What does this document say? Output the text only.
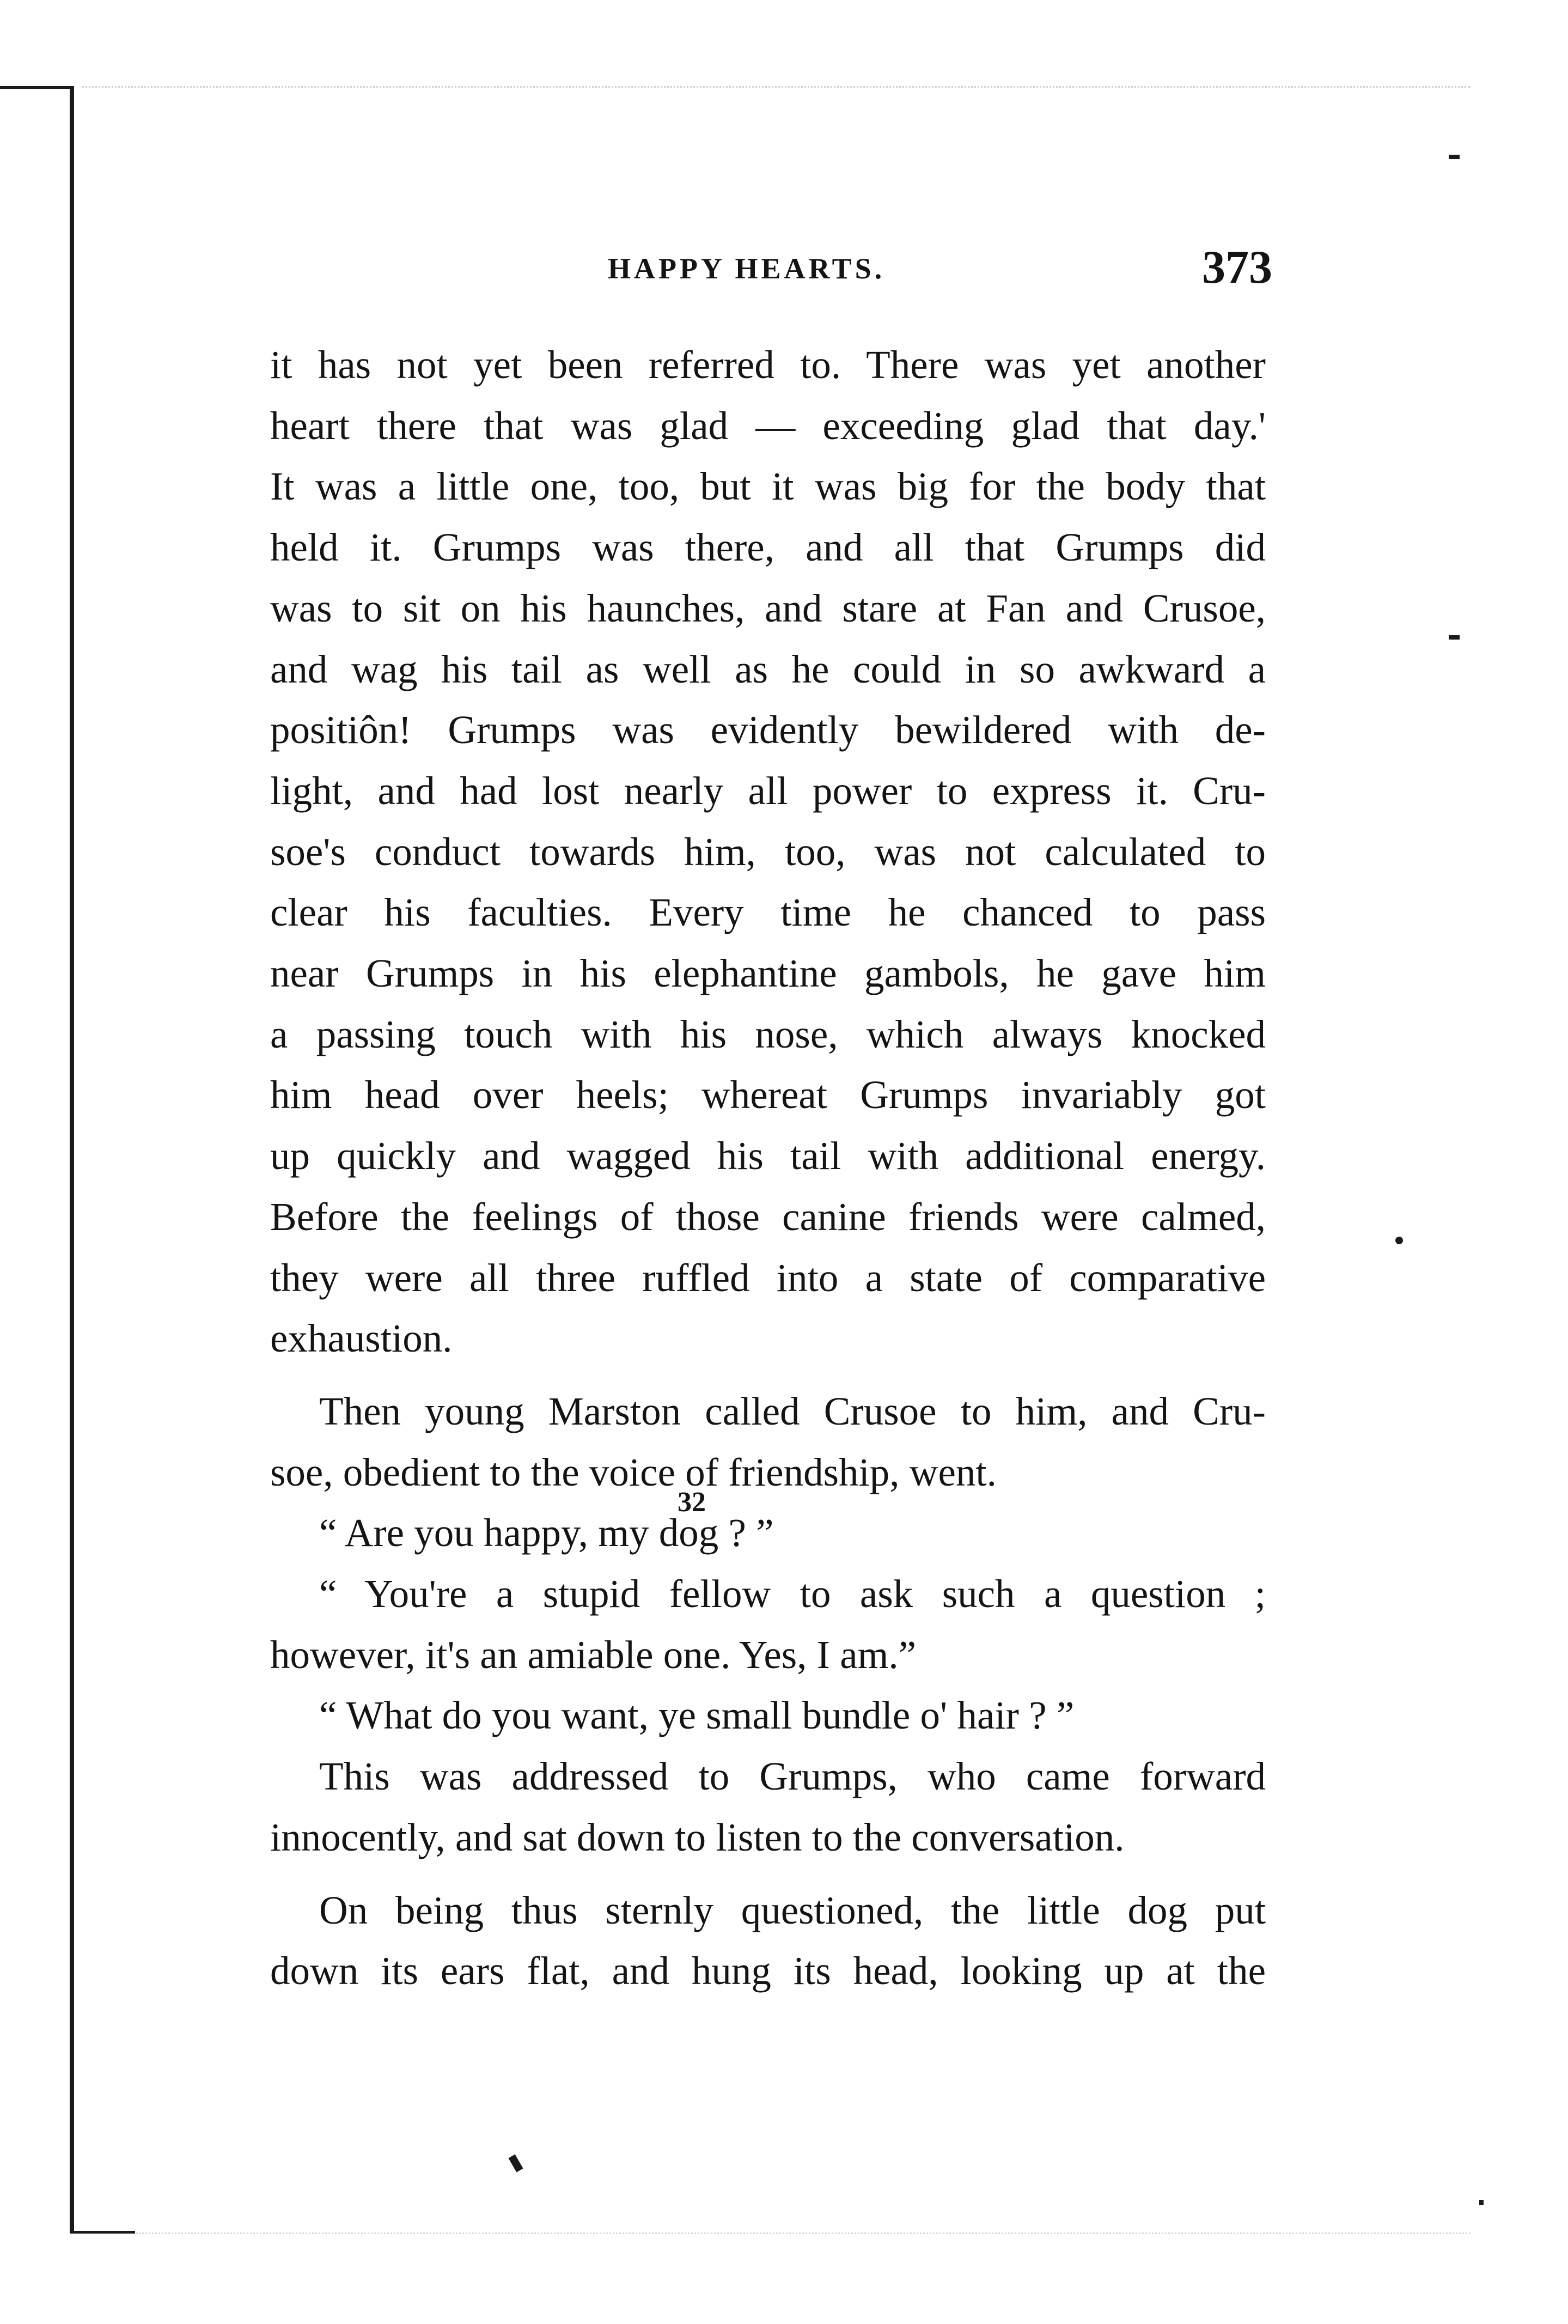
HAPPY HEARTS.	373
it has not yet been referred to. There was yet another
heart there that was glad — exceeding glad that day.'
It was a little one, too, but it was big for the body that
held it. Grumps was there, and all that Grumps did
was to sit on his haunches, and stare at Fan and Crusoe,
and wag his tail as well as he could in so awkward a
positiôn! Grumps was evidently bewildered with de-
light, and had lost nearly all power to express it. Cru-
soe's conduct towards him, too, was not calculated to
clear his faculties. Every time he chanced to pass
near Grumps in his elephantine gambols, he gave him
a passing touch with his nose, which always knocked
him head over heels; whereat Grumps invariably got
up quickly and wagged his tail with additional energy.
Before the feelings of those canine friends were calmed,
they were all three ruffled into a state of comparative
exhaustion.
Then young Marston called Crusoe to him, and Cru-
soe, obedient to the voice of friendship, went.
“ Are you happy, my dog ? ”
“ You're a stupid fellow to ask such a question ;
however, it's an amiable one. Yes, I am.”
“ What do you want, ye small bundle o' hair ? ”
This was addressed to Grumps, who came forward
innocently, and sat down to listen to the conversation.
On being thus sternly questioned, the little dog put
down its ears flat, and hung its head, looking up at the
32
